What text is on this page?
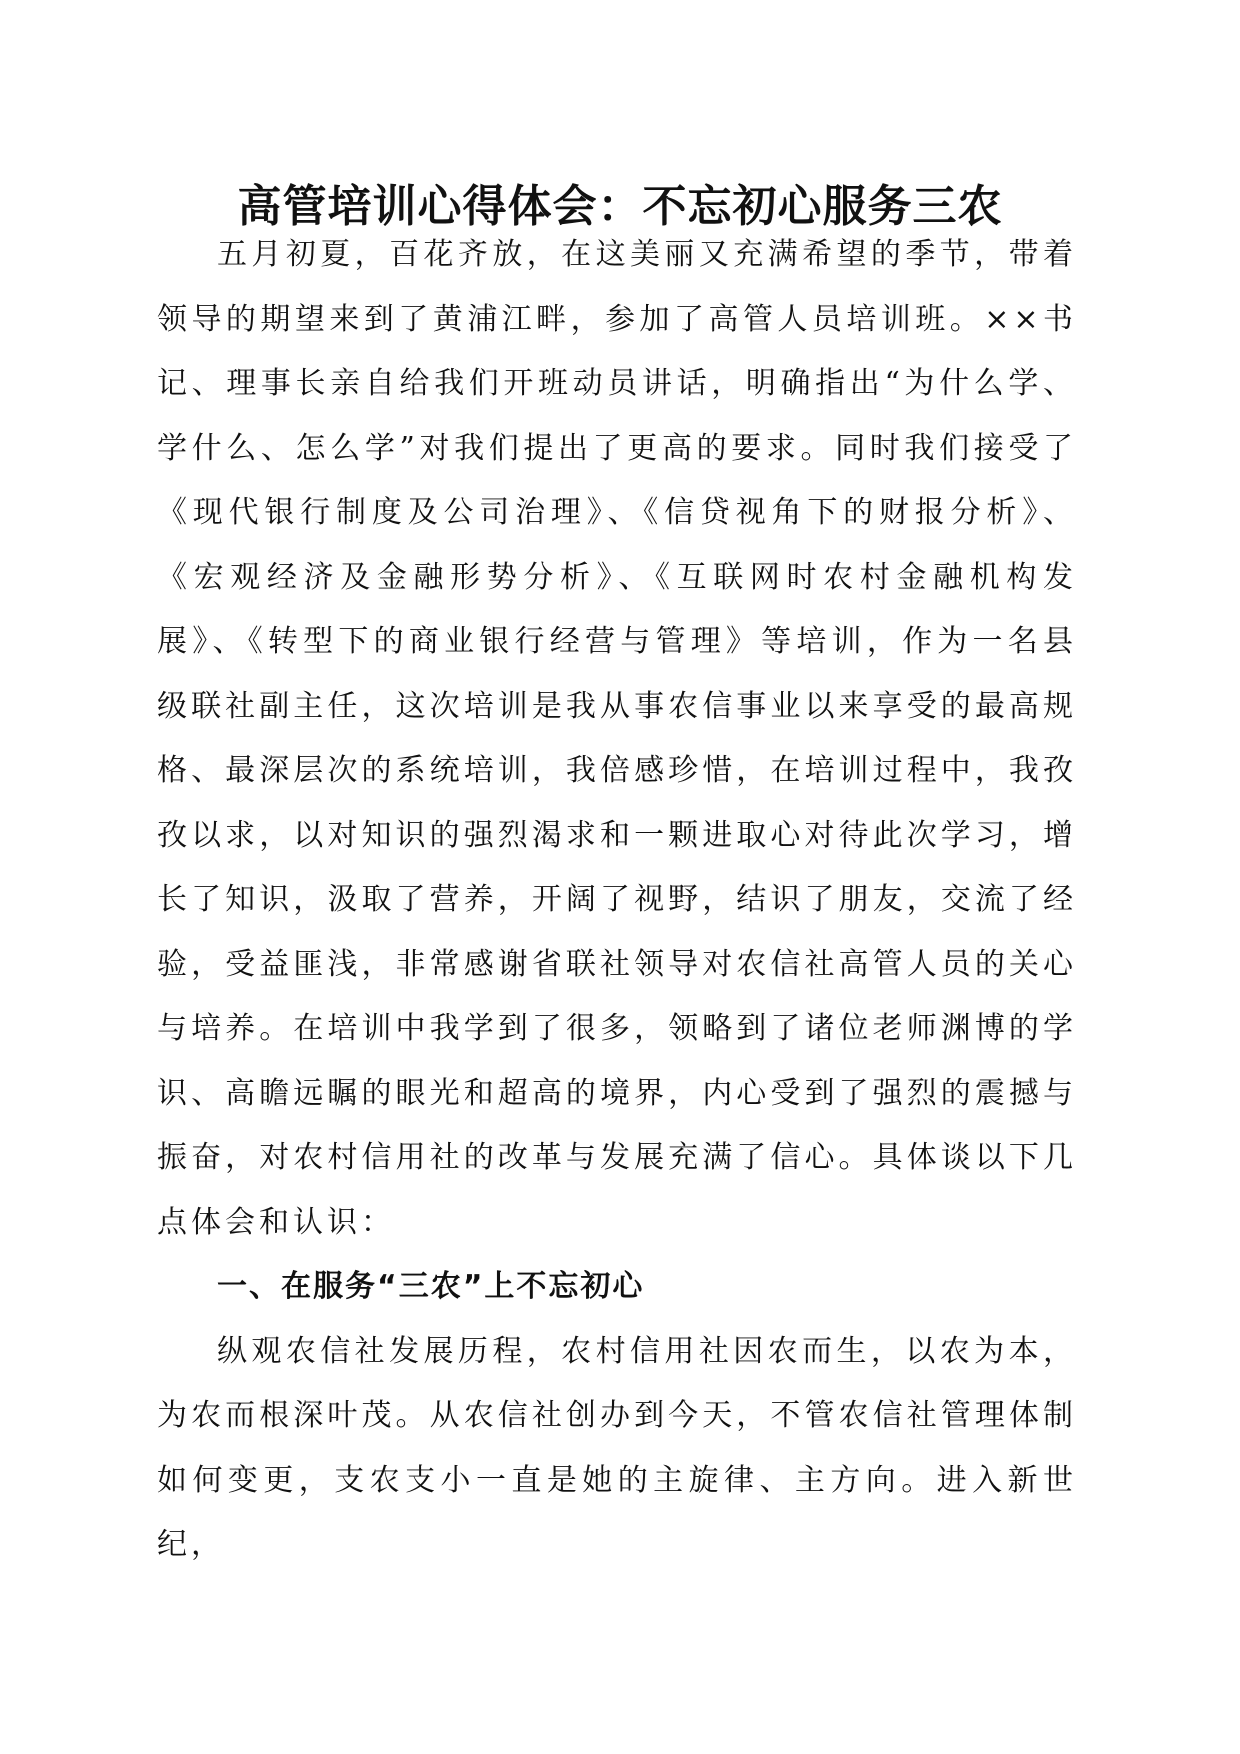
高管培训心得体会：不忘初心服务三农

五月初夏，百花齐放，在这美丽又充满希望的季节，带着领导的期望来到了黄浦江畔，参加了高管人员培训班。××书记、理事长亲自给我们开班动员讲话，明确指出“为什么学、学什么、怎么学”对我们提出了更高的要求。同时我们接受了《现代银行制度及公司治理》、《信贷视角下的财报分析》、《宏观经济及金融形势分析》、《互联网时农村金融机构发展》、《转型下的商业银行经营与管理》等培训，作为一名县级联社副主任，这次培训是我从事农信事业以来享受的最高规格、最深层次的系统培训，我倍感珍惜，在培训过程中，我孜孜以求，以对知识的强烈渴求和一颗进取心对待此次学习，增长了知识，汲取了营养，开阔了视野，结识了朋友，交流了经验，受益匪浅，非常感谢省联社领导对农信社高管人员的关心与培养。在培训中我学到了很多，领略到了诸位老师渊博的学识、高瞻远瞩的眼光和超高的境界，内心受到了强烈的震撼与振奋，对农村信用社的改革与发展充满了信心。具体谈以下几点体会和认识：

一、在服务“三农”上不忘初心

纵观农信社发展历程，农村信用社因农而生，以农为本，为农而根深叶茂。从农信社创办到今天，不管农信社管理体制如何变更，支农支小一直是她的主旋律、主方向。进入新世纪，
